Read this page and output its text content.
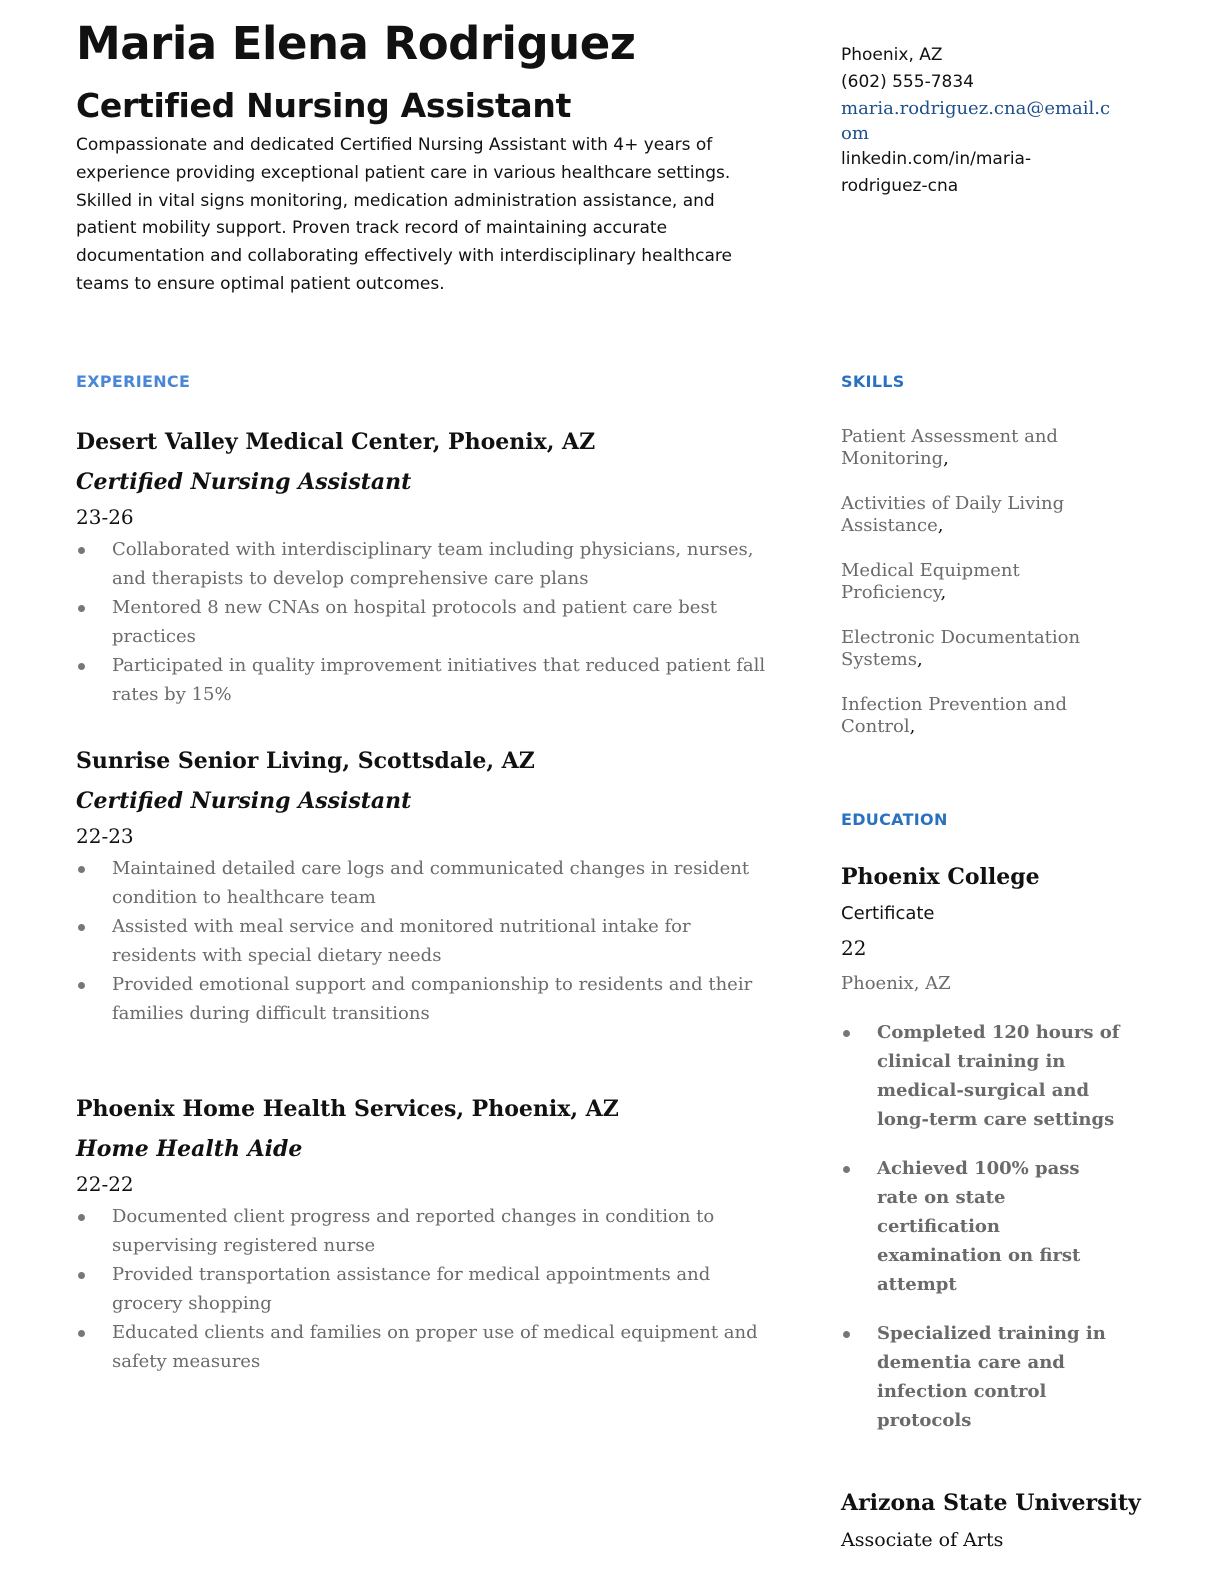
Maria Elena Rodriguez
Certified Nursing Assistant

Compassionate and dedicated Certified Nursing Assistant with 4+ years of experience providing exceptional patient care in various healthcare settings. Skilled in vital signs monitoring, medication administration assistance, and patient mobility support. Proven track record of maintaining accurate documentation and collaborating effectively with interdisciplinary healthcare teams to ensure optimal patient outcomes.

EXPERIENCE
Desert Valley Medical Center, Phoenix, AZ
Certified Nursing Assistant
23-26
Collaborated with interdisciplinary team including physicians, nurses, and therapists to develop comprehensive care plans
Mentored 8 new CNAs on hospital protocols and patient care best practices
Participated in quality improvement initiatives that reduced patient fall rates by 15%
Sunrise Senior Living, Scottsdale, AZ
Certified Nursing Assistant
22-23
Maintained detailed care logs and communicated changes in resident condition to healthcare team
Assisted with meal service and monitored nutritional intake for residents with special dietary needs
Provided emotional support and companionship to residents and their families during difficult transitions
Phoenix Home Health Services, Phoenix, AZ
Home Health Aide
22-22
Documented client progress and reported changes in condition to supervising registered nurse
Provided transportation assistance for medical appointments and grocery shopping
Educated clients and families on proper use of medical equipment and safety measures
Phoenix, AZ
(602) 555-7834
maria.rodriguez.cna@email.com
linkedin.com/in/maria-rodriguez-cna
SKILLS
Patient Assessment and Monitoring,
Activities of Daily Living Assistance,
Medical Equipment Proficiency,
Electronic Documentation Systems,
Infection Prevention and Control,
EDUCATION
Phoenix College
Certificate
22
Phoenix, AZ
Completed 120 hours of clinical training in medical-surgical and long-term care settings
Achieved 100% pass rate on state certification examination on first attempt
Specialized training in dementia care and infection control protocols
Arizona State University
Associate of Arts
